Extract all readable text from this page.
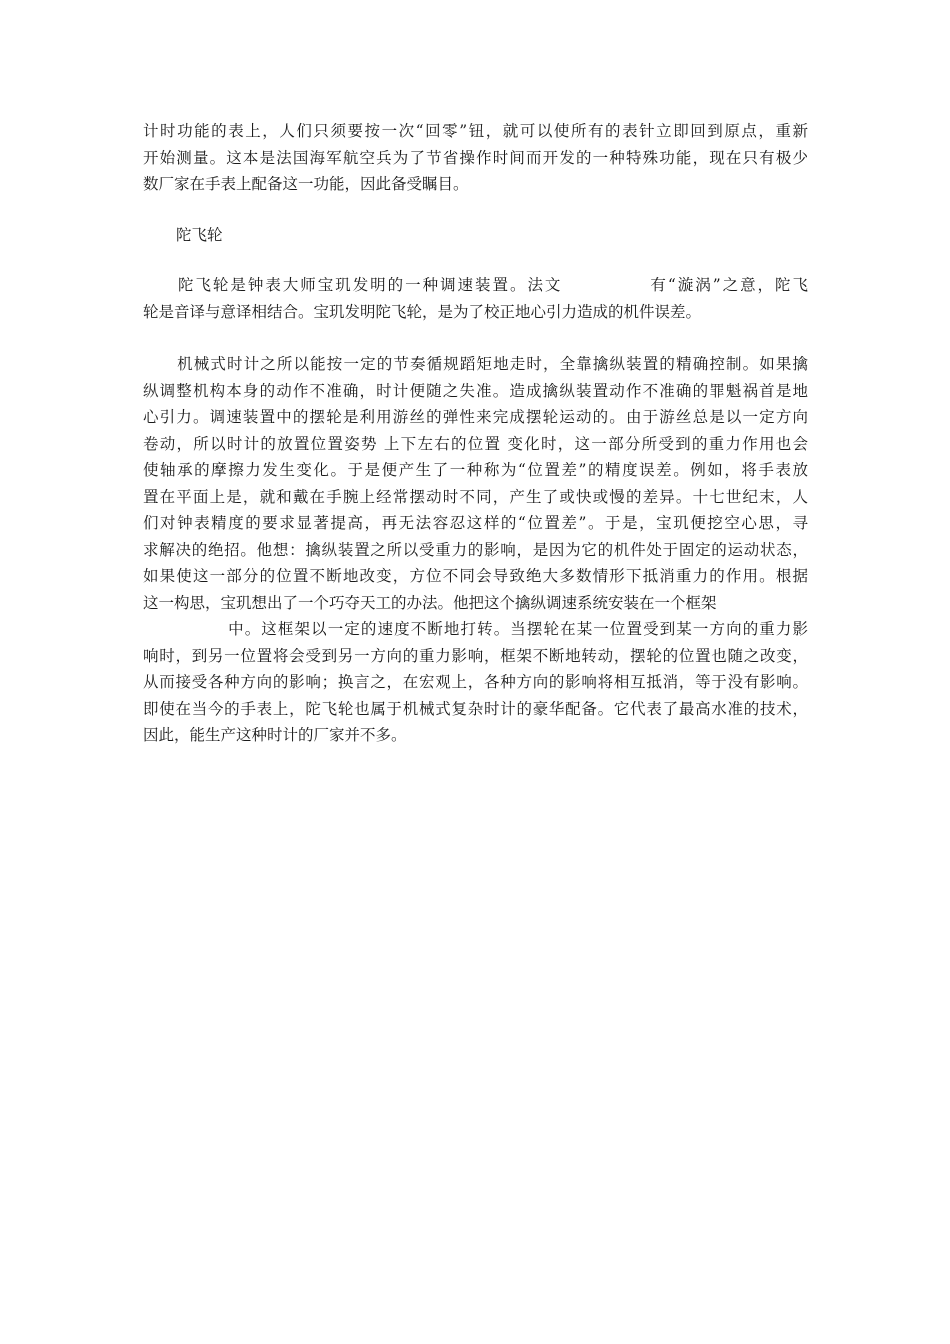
计时功能的表上，人们只须要按一次“回零”钮，就可以使所有的表针立即回到原点，重新
开始测量。这本是法国海军航空兵为了节省操作时间而开发的一种特殊功能，现在只有极少
数厂家在手表上配备这一功能，因此备受瞩目。

陀飞轮

陀飞轮是钟表大师宝玑发明的一种调速装置。法文	有“漩涡”之意，陀飞
轮是音译与意译相结合。宝玑发明陀飞轮，是为了校正地心引力造成的机件误差。

机械式时计之所以能按一定的节奏循规蹈矩地走时，全靠擒纵装置的精确控制。如果擒
纵调整机构本身的动作不准确，时计便随之失准。造成擒纵装置动作不准确的罪魁祸首是地
心引力。调速装置中的摆轮是利用游丝的弹性来完成摆轮运动的。由于游丝总是以一定方向
卷动，所以时计的放置位置姿势 上下左右的位置 变化时，这一部分所受到的重力作用也会
使轴承的摩擦力发生变化。于是便产生了一种称为“位置差”的精度误差。例如，将手表放
置在平面上是，就和戴在手腕上经常摆动时不同，产生了或快或慢的差异。十七世纪末，人
们对钟表精度的要求显著提高，再无法容忍这样的“位置差”。于是，宝玑便挖空心思，寻
求解决的绝招。他想：擒纵装置之所以受重力的影响，是因为它的机件处于固定的运动状态，
如果使这一部分的位置不断地改变，方位不同会导致绝大多数情形下抵消重力的作用。根据
这一构思，宝玑想出了一个巧夺天工的办法。他把这个擒纵调速系统安装在一个框架
中。这框架以一定的速度不断地打转。当摆轮在某一位置受到某一方向的重力影
响时，到另一位置将会受到另一方向的重力影响，框架不断地转动，摆轮的位置也随之改变，
从而接受各种方向的影响；换言之，在宏观上，各种方向的影响将相互抵消，等于没有影响。
即使在当今的手表上，陀飞轮也属于机械式复杂时计的豪华配备。它代表了最高水准的技术，
因此，能生产这种时计的厂家并不多。
